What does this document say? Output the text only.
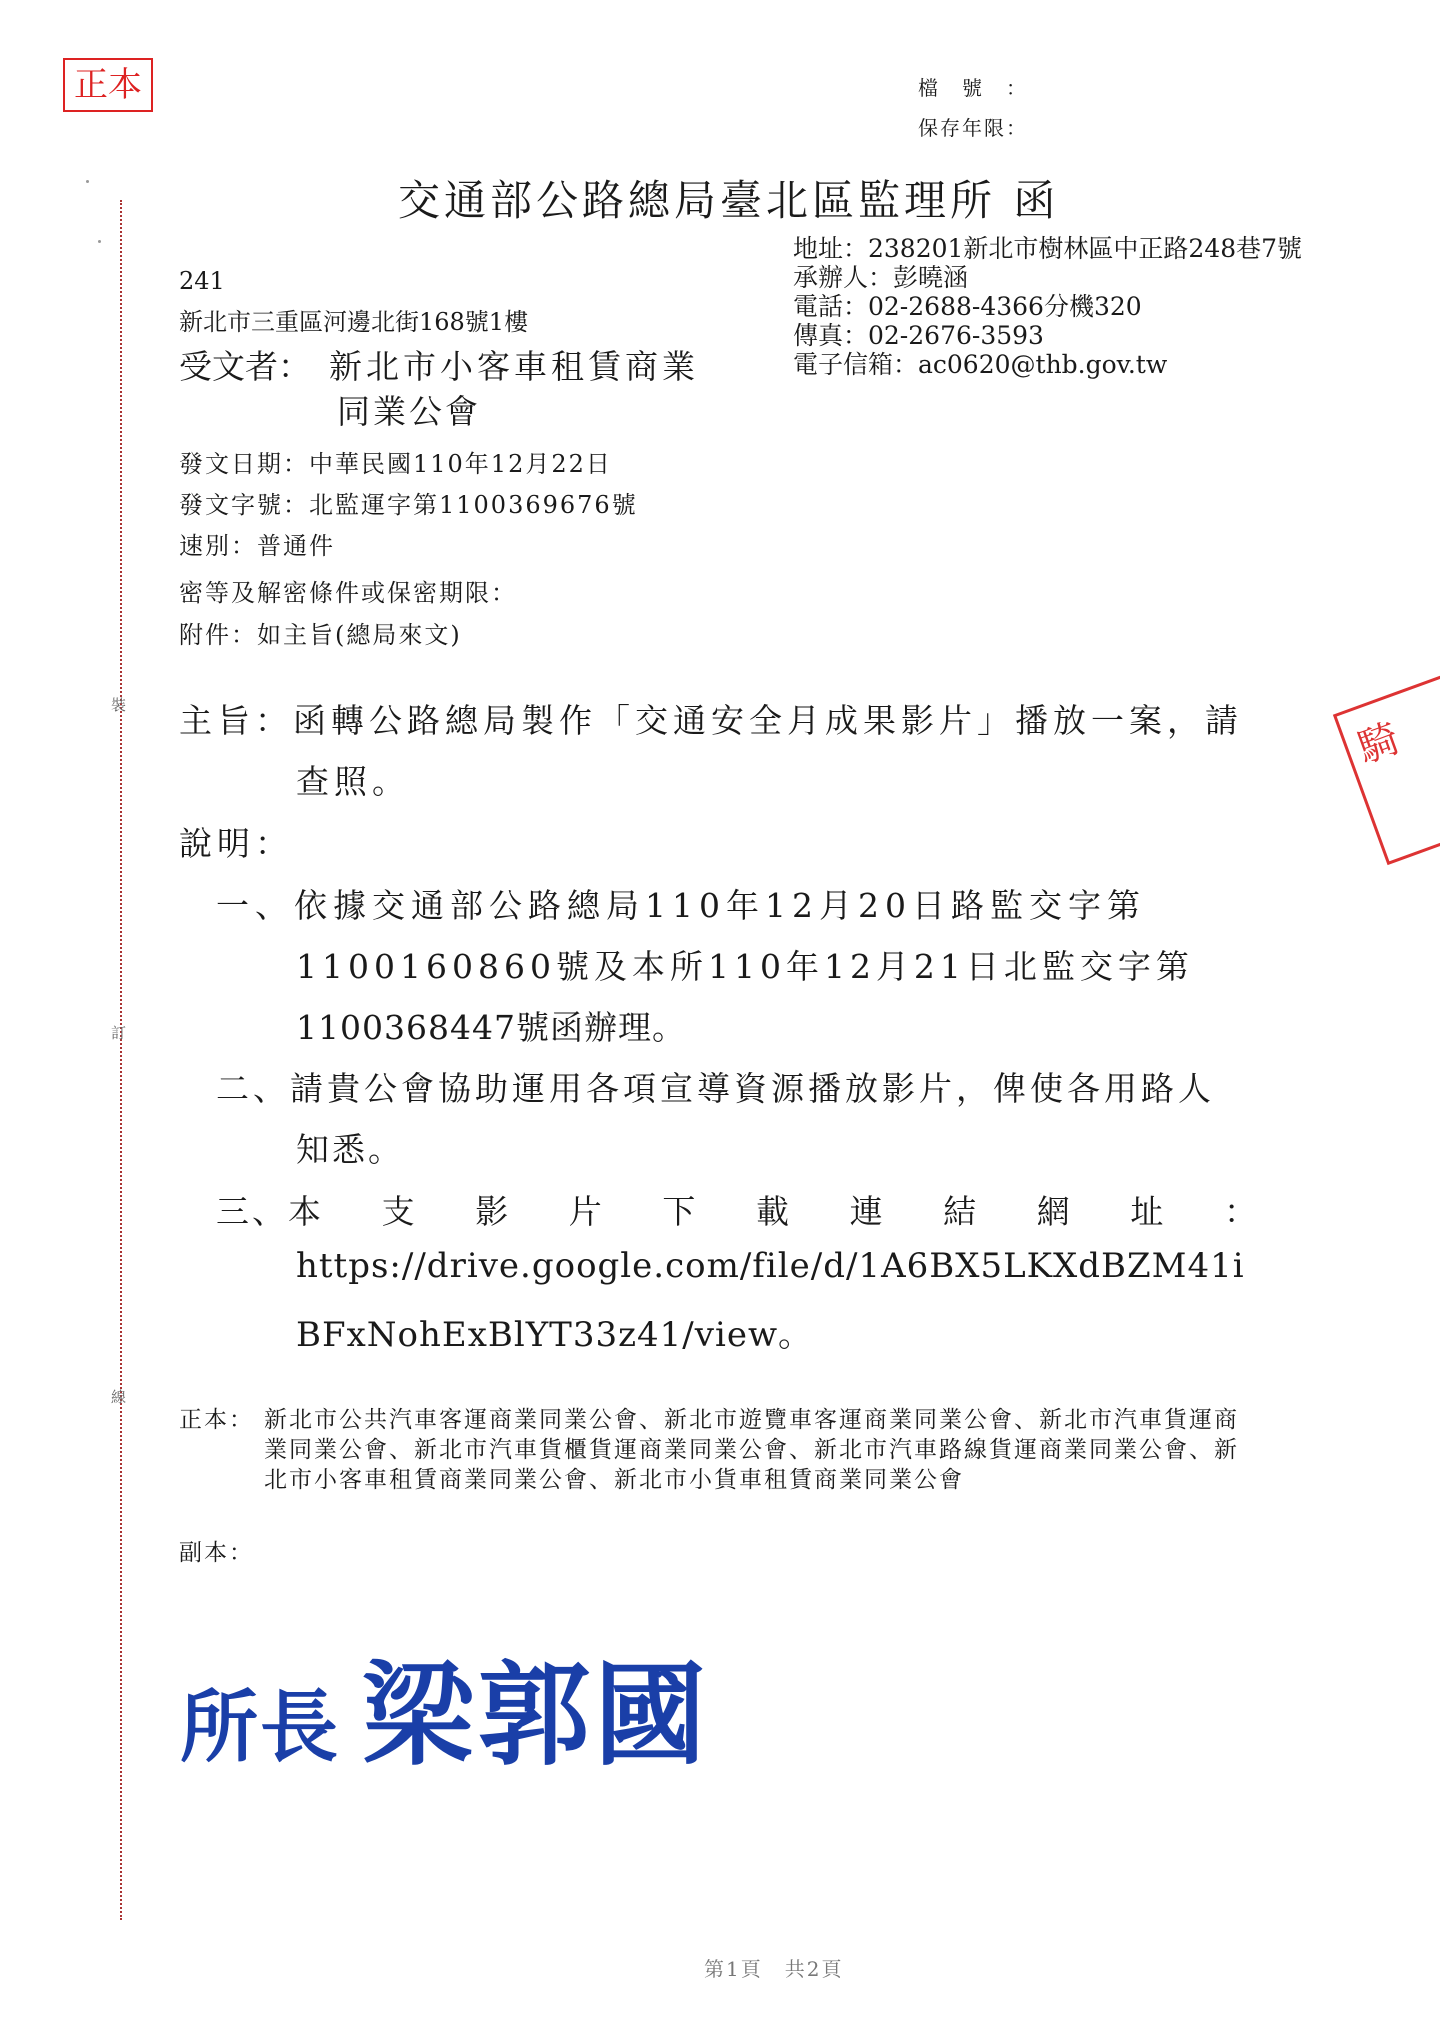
正本	檔號：
保存年限：
交通部公路總局臺北區監理所 函
地址：238201新北市樹林區中正路248巷7號
承辦人：彭曉涵
電話：02-2688-4366分機320
傳真：02-2676-3593
電子信箱：ac0620@thb.gov.tw
241
新北市三重區河邊北街168號1樓
受文者： 新北市小客車租賃商業
同業公會
發文日期：中華民國110年12月22日
發文字號：北監運字第1100369676號
速別：普通件
密等及解密條件或保密期限：
附件：如主旨(總局來文)
主旨：函轉公路總局製作「交通安全月成果影片」播放一案，請
查照。
說明：
一、依據交通部公路總局110年12月20日路監交字第
1100160860號及本所110年12月21日北監交字第
1100368447號函辦理。
二、請貴公會協助運用各項宣導資源播放影片，俾使各用路人
知悉。
三、本 支 影 片 下 載 連 結 網 址 ：
https://drive.google.com/file/d/1A6BX5LKXdBZM41i
BFxNohExBlYT33z41/view。
正本： 新北市公共汽車客運商業同業公會、新北市遊覽車客運商業同業公會、新北市汽車貨運商業同業公會、新北市汽車貨櫃貨運商業同業公會、新北市汽車路線貨運商業同業公會、新北市小客車租賃商業同業公會、新北市小貨車租賃商業同業公會
副本：
所長 梁郭國
第1頁　共2頁
裝
訂
線
騎
